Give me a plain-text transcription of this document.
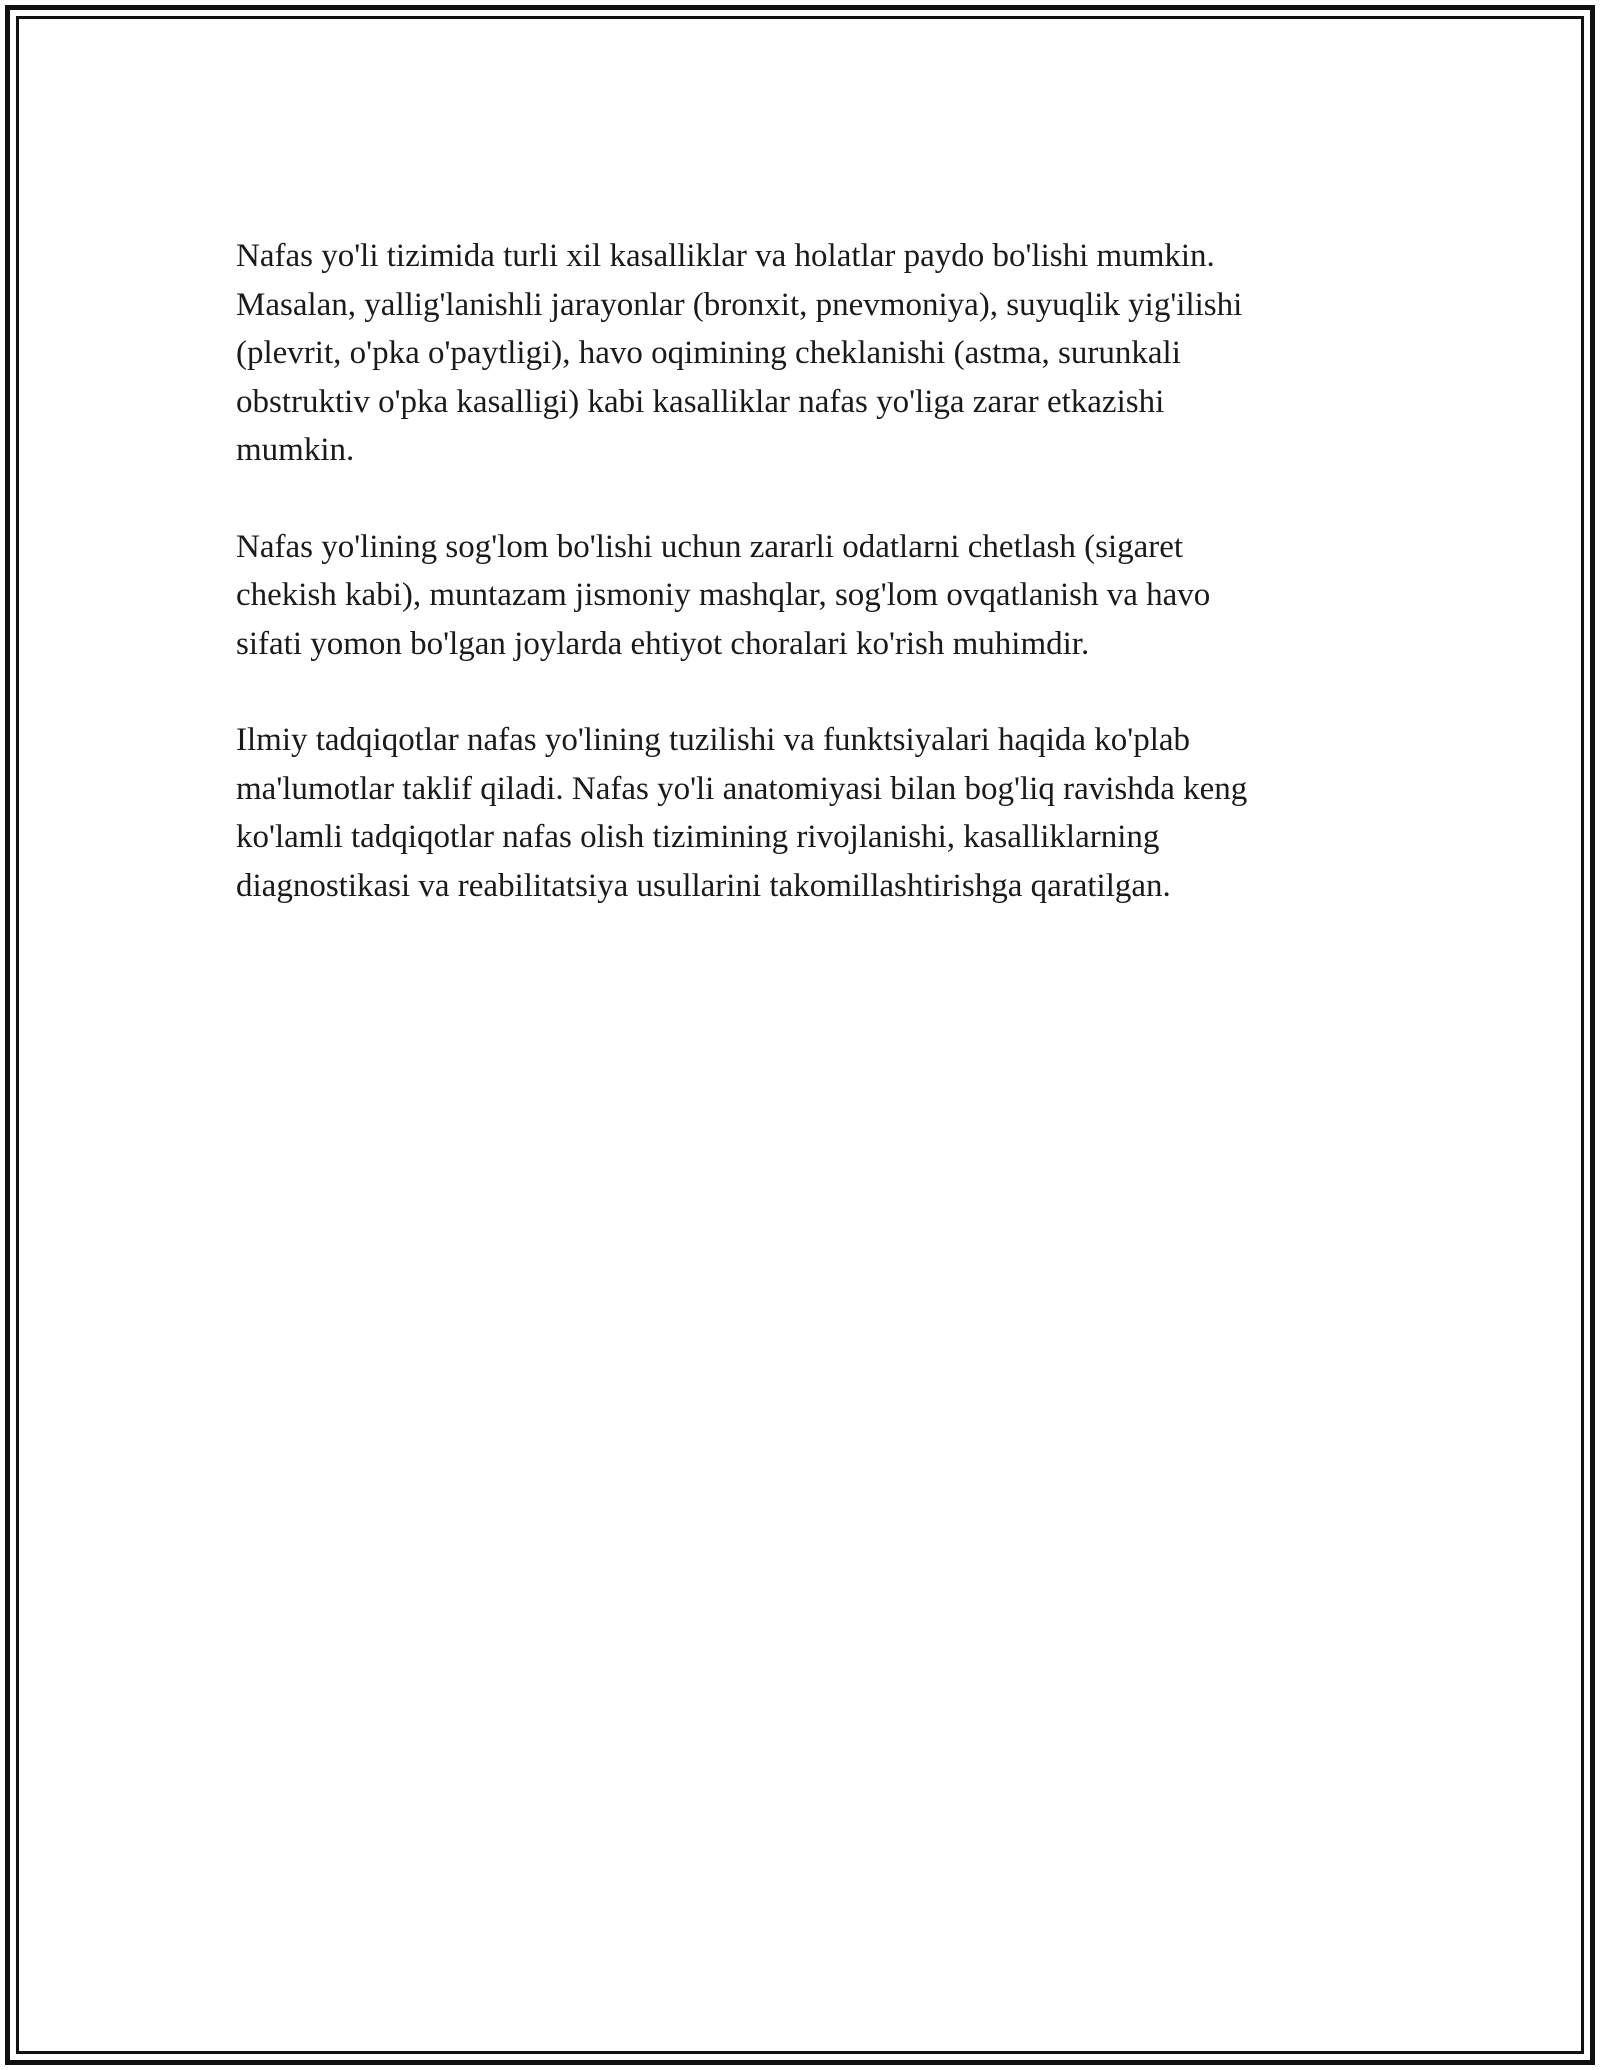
Nafas yo'li tizimida turli xil kasalliklar va holatlar paydo bo'lishi mumkin.
Masalan, yallig'lanishli jarayonlar (bronxit, pnevmoniya), suyuqlik yig'ilishi
(plevrit, o'pka o'paytligi), havo oqimining cheklanishi (astma, surunkali
obstruktiv o'pka kasalligi) kabi kasalliklar nafas yo'liga zarar etkazishi
mumkin.

Nafas yo'lining sog'lom bo'lishi uchun zararli odatlarni chetlash (sigaret
chekish kabi), muntazam jismoniy mashqlar, sog'lom ovqatlanish va havo
sifati yomon bo'lgan joylarda ehtiyot choralari ko'rish muhimdir.

Ilmiy tadqiqotlar nafas yo'lining tuzilishi va funktsiyalari haqida ko'plab
ma'lumotlar taklif qiladi. Nafas yo'li anatomiyasi bilan bog'liq ravishda keng
ko'lamli tadqiqotlar nafas olish tizimining rivojlanishi, kasalliklarning
diagnostikasi va reabilitatsiya usullarini takomillashtirishga qaratilgan.
